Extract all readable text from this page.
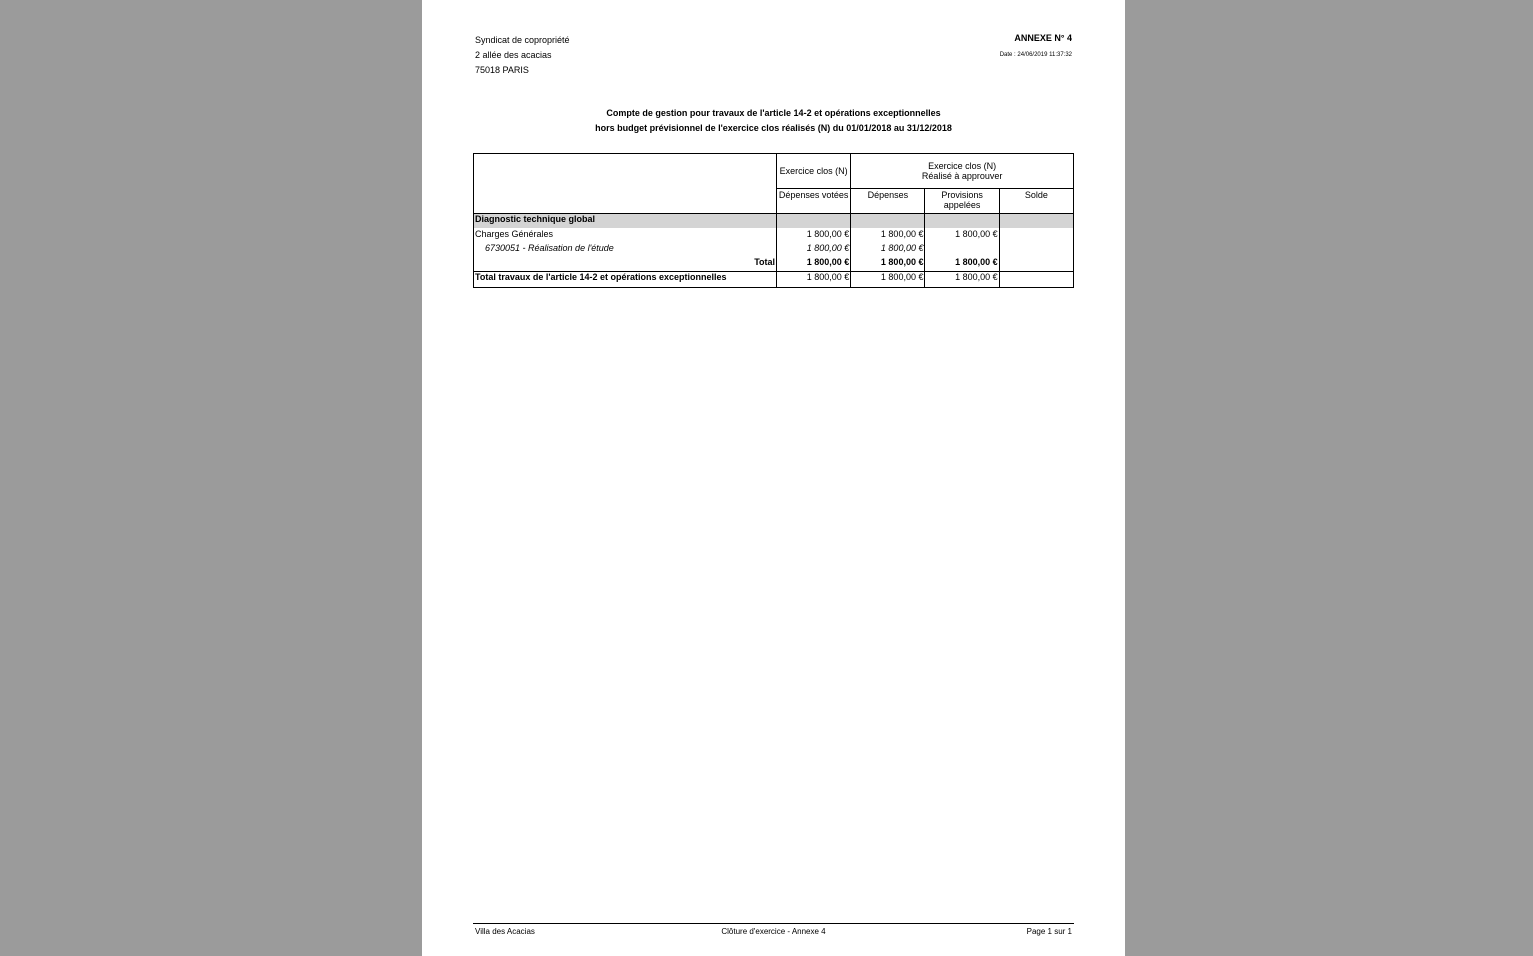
Syndicat de copropriété
2 allée des acacias
75018 PARIS
ANNEXE N° 4
Date : 24/06/2019 11:37:32
Compte de gestion pour travaux de l'article 14-2 et opérations exceptionnelles
hors budget prévisionnel de l'exercice clos réalisés (N) du 01/01/2018 au 31/12/2018
	Exercice clos (N)	Exercice clos (N)
Réalisé à approuver		

	Dépenses votées	Dépenses	Provisions
appelées	Solde
Diagnostic technique global				
Charges Générales	1 800,00 €	1 800,00 €	1 800,00 €	
6730051 - Réalisation de l'étude	1 800,00 €	1 800,00 €		
Total	1 800,00 €	1 800,00 €	1 800,00 €	
Total travaux de l'article 14-2 et opérations exceptionnelles	1 800,00 €	1 800,00 €	1 800,00 €	
Villa des Acacias	Clôture d'exercice - Annexe 4	Page 1 sur 1
